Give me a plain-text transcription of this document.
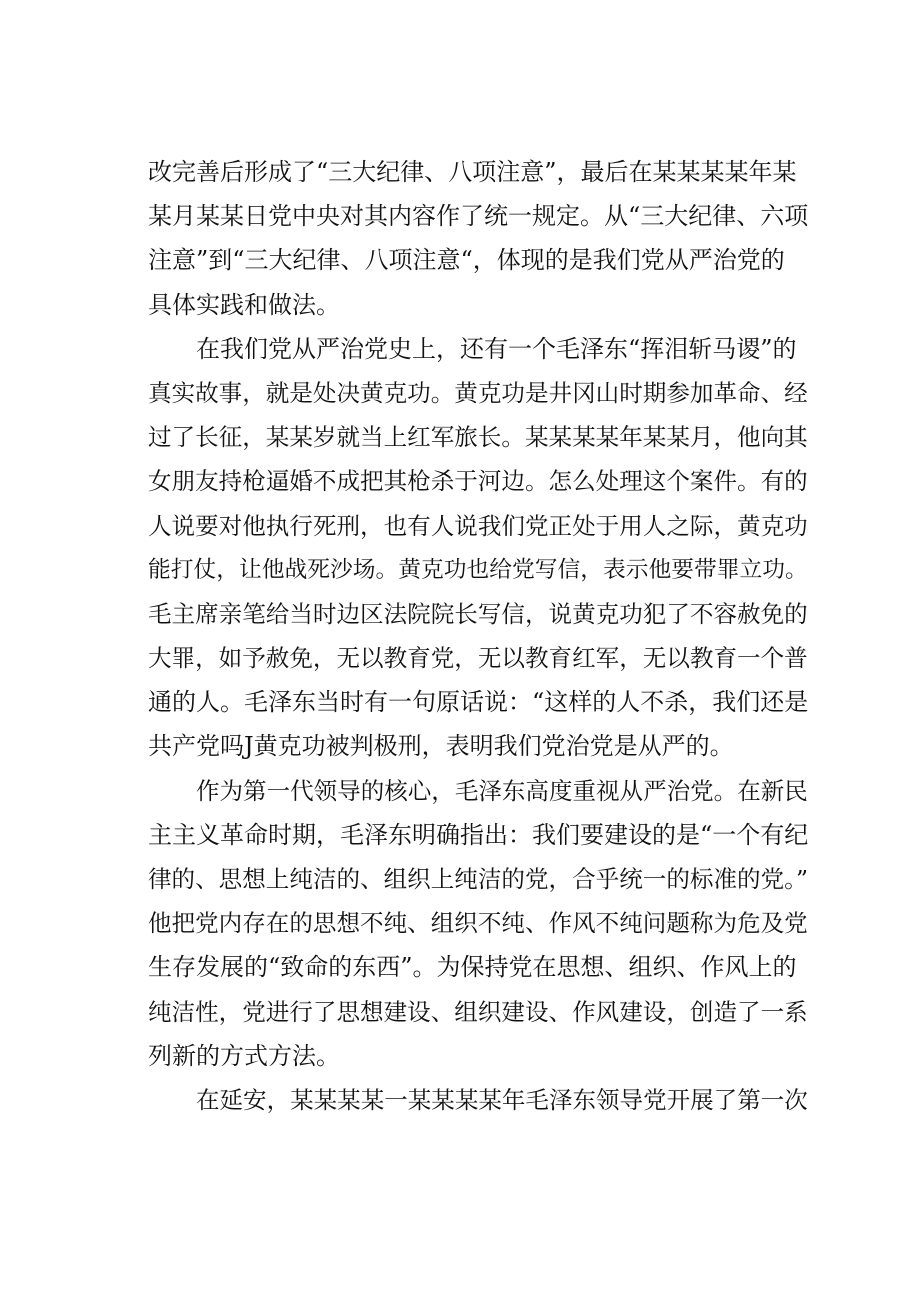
改完善后形成了“三大纪律、八项注意”，最后在某某某某年某
某月某某日党中央对其内容作了统一规定。从“三大纪律、六项
注意”到“三大纪律、八项注意“，体现的是我们党从严治党的
具体实践和做法。
在我们党从严治党史上，还有一个毛泽东“挥泪斩马谡”的
真实故事，就是处决黄克功。黄克功是井冈山时期参加革命、经
过了长征，某某岁就当上红军旅长。某某某某年某某月，他向其
女朋友持枪逼婚不成把其枪杀于河边。怎么处理这个案件。有的
人说要对他执行死刑，也有人说我们党正处于用人之际，黄克功
能打仗，让他战死沙场。黄克功也给党写信，表示他要带罪立功。
毛主席亲笔给当时边区法院院长写信，说黄克功犯了不容赦免的
大罪，如予赦免，无以教育党，无以教育红军，无以教育一个普
通的人。毛泽东当时有一句原话说：“这样的人不杀，我们还是
共产党吗J黄克功被判极刑，表明我们党治党是从严的。
作为第一代领导的核心，毛泽东高度重视从严治党。在新民
主主义革命时期，毛泽东明确指出：我们要建设的是“一个有纪
律的、思想上纯洁的、组织上纯洁的党，合乎统一的标准的党。”
他把党内存在的思想不纯、组织不纯、作风不纯问题称为危及党
生存发展的“致命的东西”。为保持党在思想、组织、作风上的
纯洁性，党进行了思想建设、组织建设、作风建设，创造了一系
列新的方式方法。
在延安，某某某某一某某某某年毛泽东领导党开展了第一次
